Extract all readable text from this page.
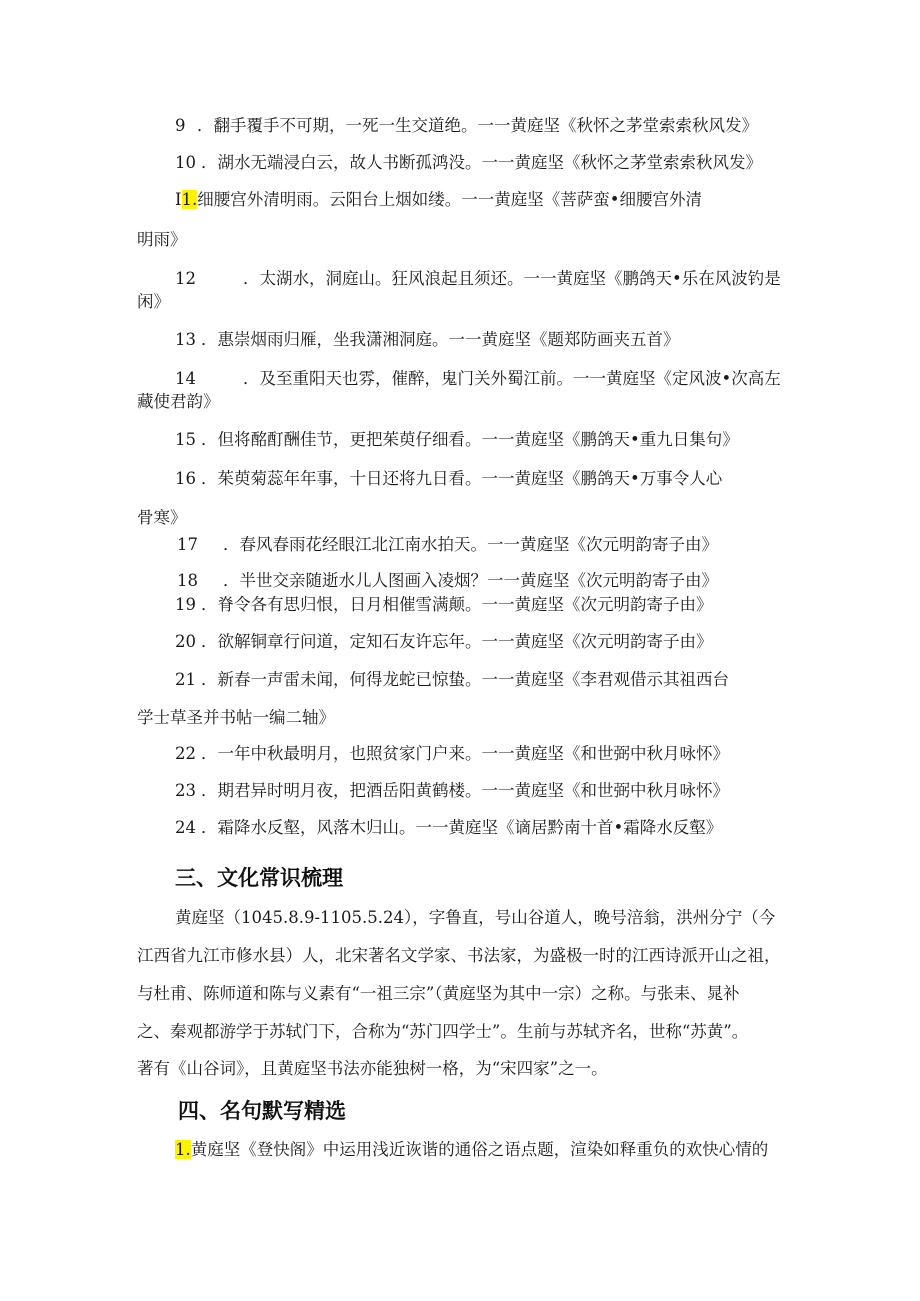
9 ．翻手覆手不可期，一死一生交道绝。一一黄庭坚《秋怀之茅堂索索秋风发》
10 ．湖水无端浸白云，故人书断孤鸿没。一一黄庭坚《秋怀之茅堂索索秋风发》
I1.细腰宫外清明雨。云阳台上烟如缕。一一黄庭坚《菩萨蛮•细腰宫外清
明雨》
12	．太湖水，洞庭山。狂风浪起且须还。一一黄庭坚《鹏鸽天•乐在风波钓是
闲》
13 ．惠崇烟雨归雁，坐我潇湘洞庭。一一黄庭坚《题郑防画夹五首》
14	．及至重阳天也雰，催醉，鬼门关外蜀江前。一一黄庭坚《定风波•次高左
藏使君韵》
15 ．但将酩酊酬佳节，更把茱萸仔细看。一一黄庭坚《鹏鸽天•重九日集句》
16 ．茱萸菊蕊年年事，十日还将九日看。一一黄庭坚《鹏鸽天•万事令人心
骨寒》
17 ．春风春雨花经眼江北江南水拍天。一一黄庭坚《次元明韵寄子由》
18 ．半世交亲随逝水儿人图画入凌烟？一一黄庭坚《次元明韵寄子由》
19 ．脊令各有思归恨，日月相催雪满颠。一一黄庭坚《次元明韵寄子由》
20 ．欲解铜章行问道，定知石友许忘年。一一黄庭坚《次元明韵寄子由》
21 ．新春一声雷未闻，何得龙蛇已惊蛰。一一黄庭坚《李君观借示其祖西台
学士草圣并书帖一编二轴》
22 ．一年中秋最明月，也照贫家门户来。一一黄庭坚《和世弼中秋月咏怀》
23 ．期君异时明月夜，把酒岳阳黄鹤楼。一一黄庭坚《和世弼中秋月咏怀》
24 ．霜降水反壑，风落木归山。一一黄庭坚《谪居黔南十首•霜降水反壑》
三、文化常识梳理
黄庭坚（1045.8.9-1105.5.24），字鲁直，号山谷道人，晚号涪翁，洪州分宁（今
江西省九江市修水县）人，北宋著名文学家、书法家，为盛极一时的江西诗派开山之祖，
与杜甫、陈师道和陈与义素有“一祖三宗”（黄庭坚为其中一宗）之称。与张耒、晁补
之、秦观都游学于苏轼门下，合称为“苏门四学士”。生前与苏轼齐名，世称“苏黄”。
著有《山谷词》，且黄庭坚书法亦能独树一格，为“宋四家”之一。
四、名句默写精选
1.黄庭坚《登快阁》中运用浅近诙谐的通俗之语点题，渲染如释重负的欢快心情的
